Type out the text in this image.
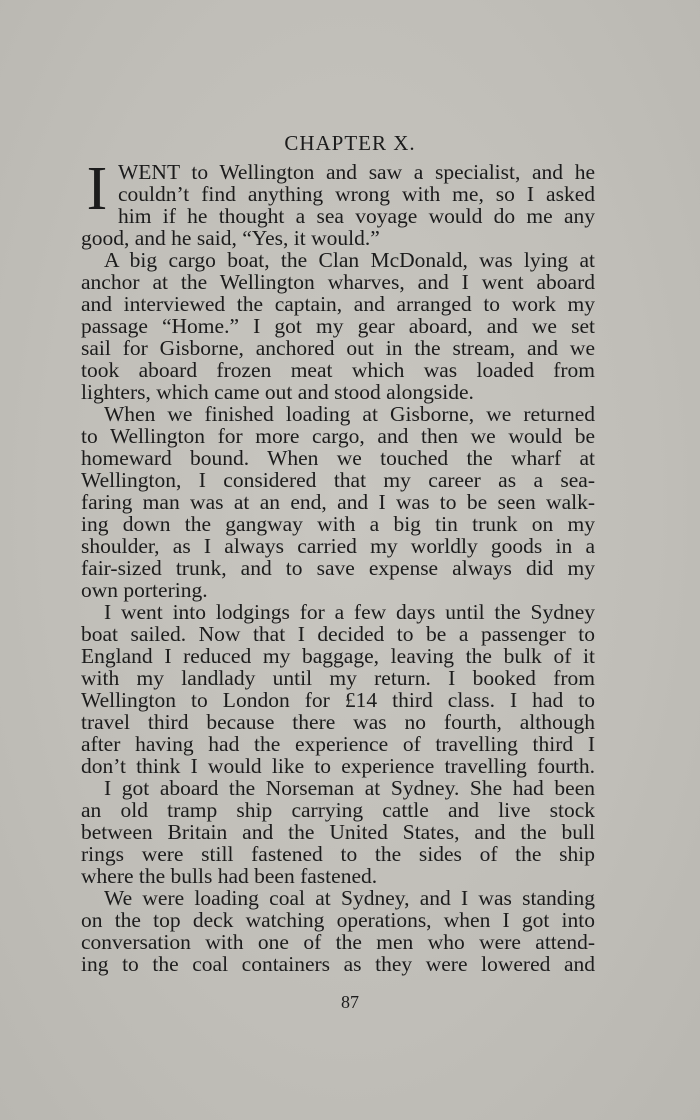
CHAPTER X.
I WENT to Wellington and saw a specialist, and he
couldn’t find anything wrong with me, so I asked
him if he thought a sea voyage would do me any
good, and he said, “Yes, it would.”
A big cargo boat, the Clan McDonald, was lying at
anchor at the Wellington wharves, and I went aboard
and interviewed the captain, and arranged to work my
passage “Home.” I got my gear aboard, and we set
sail for Gisborne, anchored out in the stream, and we
took aboard frozen meat which was loaded from
lighters, which came out and stood alongside.
When we finished loading at Gisborne, we returned
to Wellington for more cargo, and then we would be
homeward bound. When we touched the wharf at
Wellington, I considered that my career as a sea-
faring man was at an end, and I was to be seen walk-
ing down the gangway with a big tin trunk on my
shoulder, as I always carried my worldly goods in a
fair-sized trunk, and to save expense always did my
own portering.
I went into lodgings for a few days until the Sydney
boat sailed. Now that I decided to be a passenger to
England I reduced my baggage, leaving the bulk of it
with my landlady until my return. I booked from
Wellington to London for £14 third class. I had to
travel third because there was no fourth, although
after having had the experience of travelling third I
don’t think I would like to experience travelling fourth.
I got aboard the Norseman at Sydney. She had been
an old tramp ship carrying cattle and live stock
between Britain and the United States, and the bull
rings were still fastened to the sides of the ship
where the bulls had been fastened.
We were loading coal at Sydney, and I was standing
on the top deck watching operations, when I got into
conversation with one of the men who were attend-
ing to the coal containers as they were lowered and
87
